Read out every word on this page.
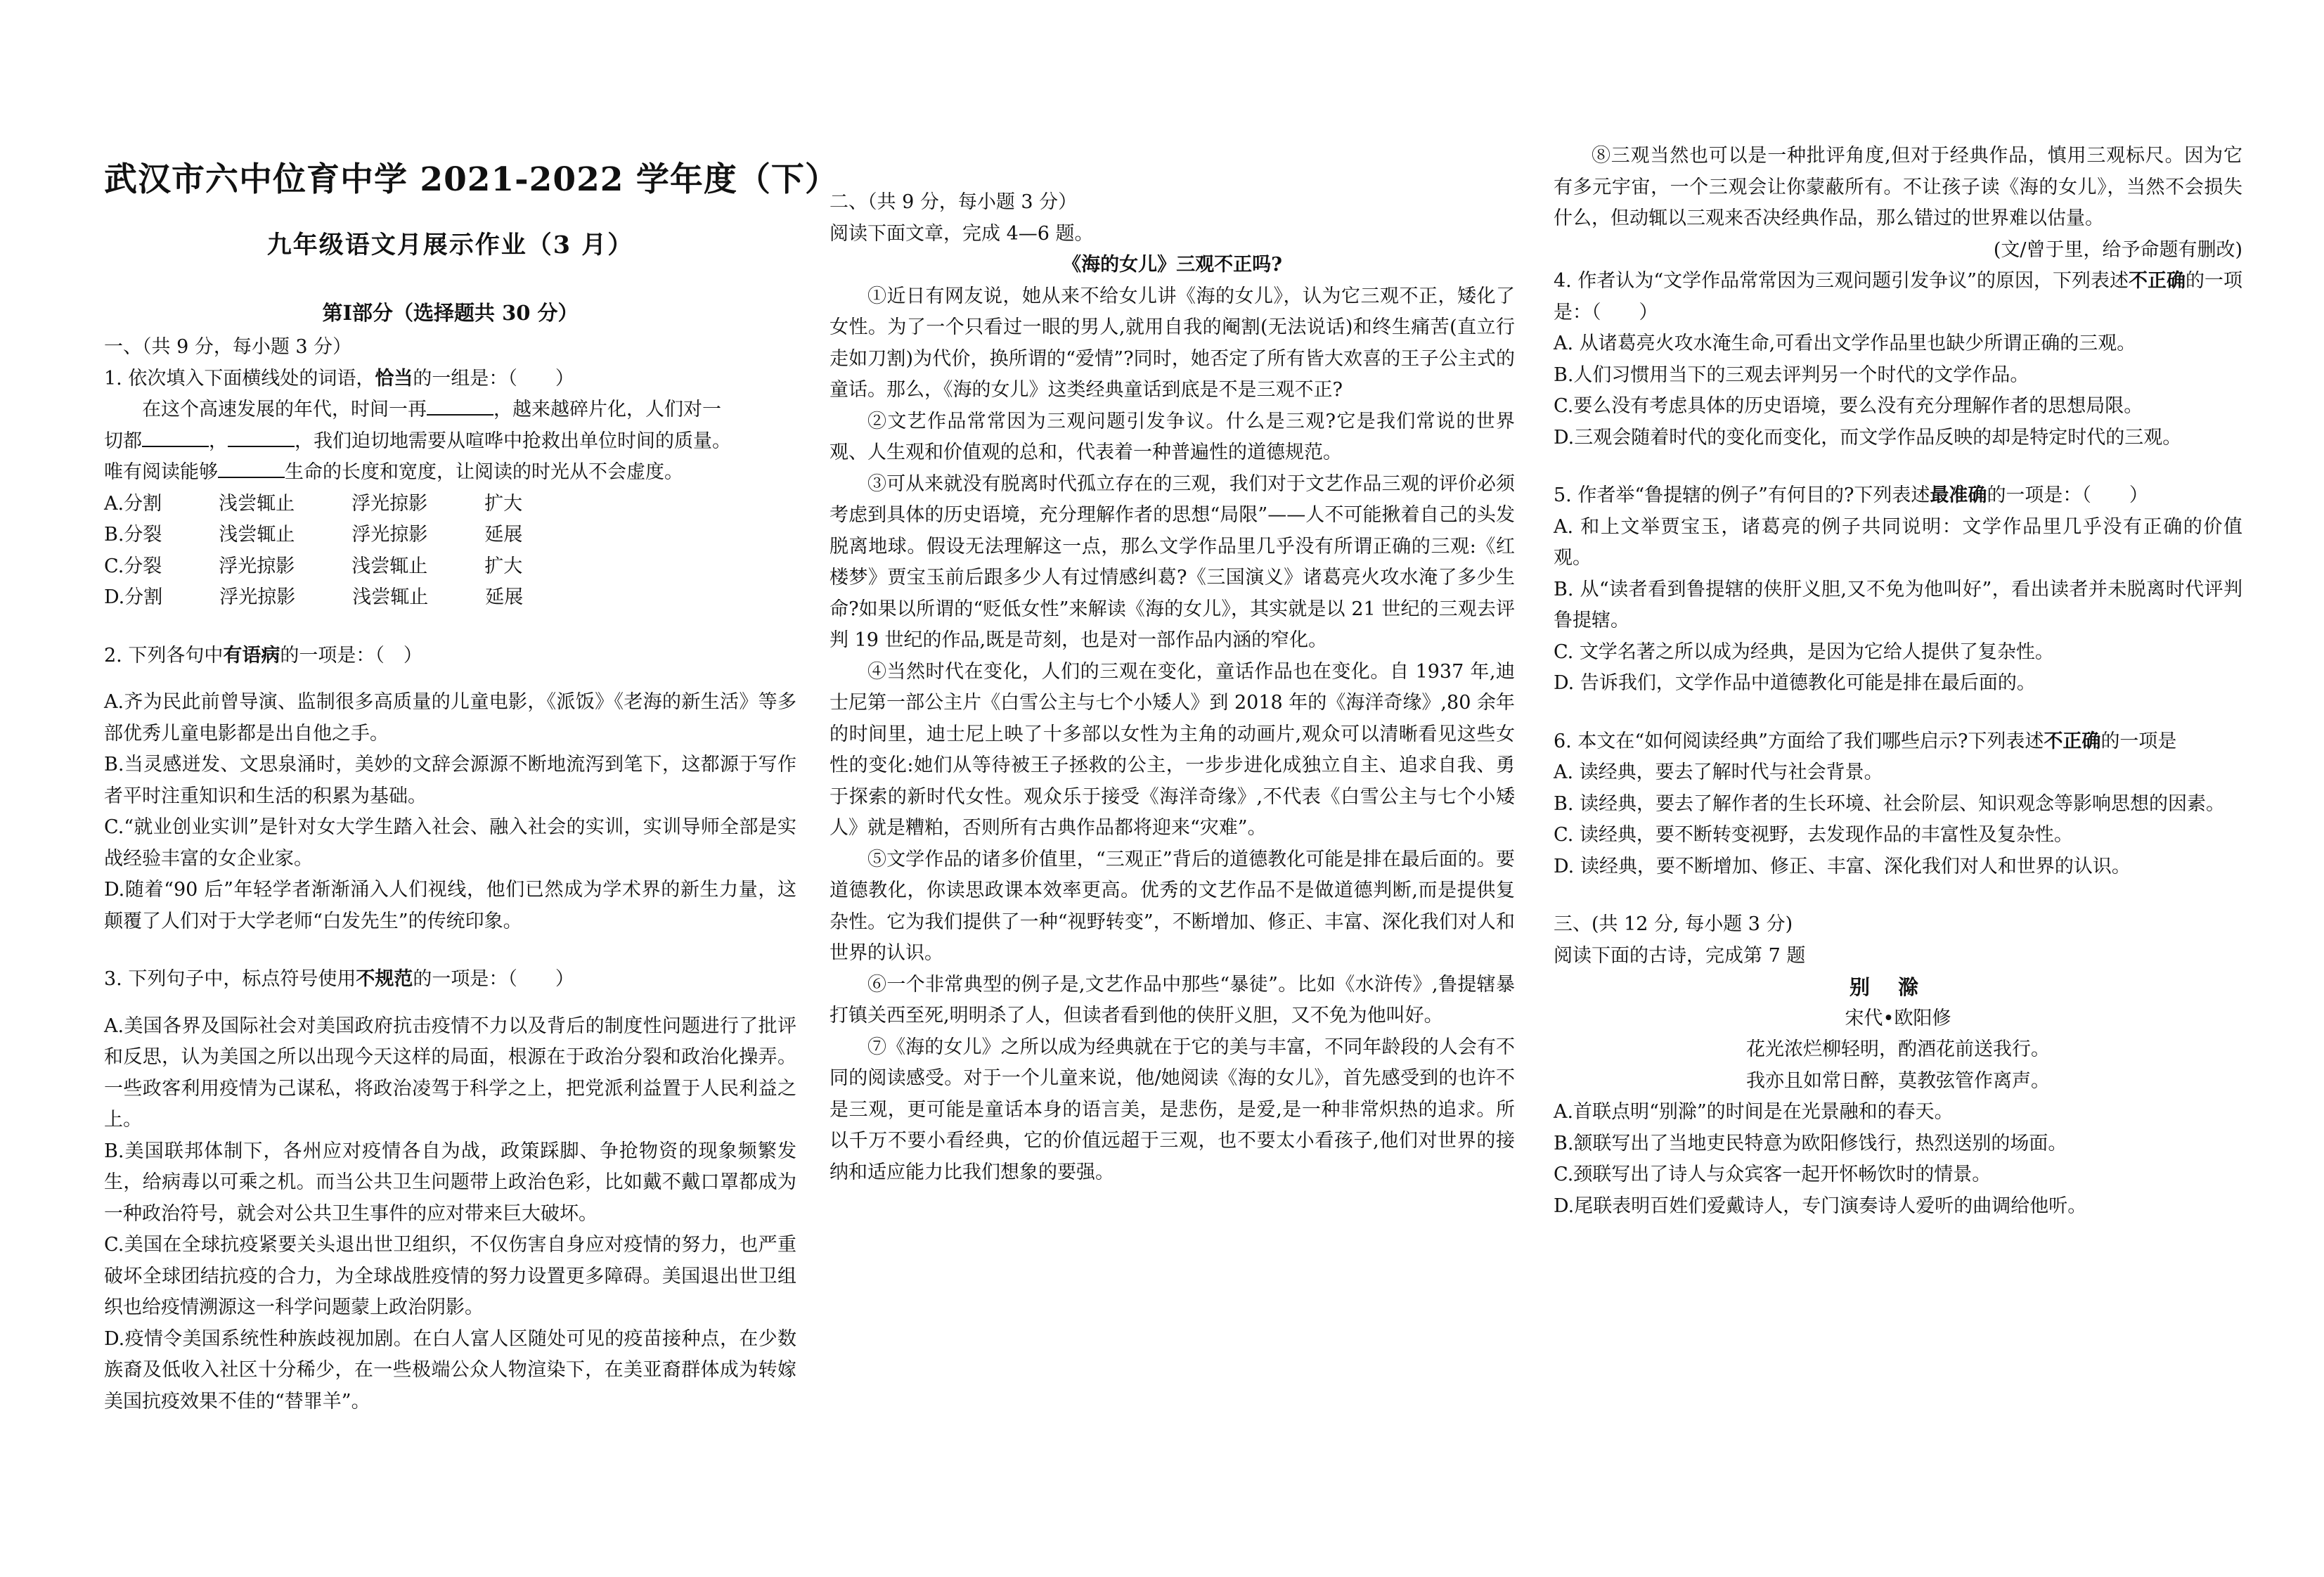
武汉市六中位育中学 2021-2022 学年度（下）
九年级语文月展示作业（3 月）
第Ⅰ部分（选择题共 30 分）

一、（共 9 分，每小题 3 分）

1. 依次填入下面横线处的词语，恰当的一组是：（　　）

在这个高速发展的年代，时间一再	，越来越碎片化，人们对一

切都	，	，我们迫切地需要从喧哗中抢救出单位时间的质量。

唯有阅读能够	生命的长度和宽度，让阅读的时光从不会虚度。

A.分割　　　浅尝辄止　　　浮光掠影　　　扩大

B.分裂　　　浅尝辄止　　　浮光掠影　　　延展

C.分裂　　　浮光掠影　　　浅尝辄止　　　扩大

D.分割　　　浮光掠影　　　浅尝辄止　　　延展

2. 下列各句中有语病的一项是：（　）

A.齐为民此前曾导演、监制很多高质量的儿童电影，《派饭》《老海的新生活》等多部优秀儿童电影都是出自他之手。

B.当灵感迸发、文思泉涌时，美妙的文辞会源源不断地流泻到笔下，这都源于写作者平时注重知识和生活的积累为基础。

C.“就业创业实训”是针对女大学生踏入社会、融入社会的实训，实训导师全部是实战经验丰富的女企业家。

D.随着“90 后”年轻学者渐渐涌入人们视线，他们已然成为学术界的新生力量，这颠覆了人们对于大学老师“白发先生”的传统印象。

3. 下列句子中，标点符号使用不规范的一项是：（　　）

A.美国各界及国际社会对美国政府抗击疫情不力以及背后的制度性问题进行了批评和反思，认为美国之所以出现今天这样的局面，根源在于政治分裂和政治化操弄。一些政客利用疫情为己谋私，将政治凌驾于科学之上，把党派利益置于人民利益之上。

B.美国联邦体制下，各州应对疫情各自为战，政策踩脚、争抢物资的现象频繁发生，给病毒以可乘之机。而当公共卫生问题带上政治色彩，比如戴不戴口罩都成为一种政治符号，就会对公共卫生事件的应对带来巨大破坏。

C.美国在全球抗疫紧要关头退出世卫组织，不仅伤害自身应对疫情的努力，也严重破坏全球团结抗疫的合力，为全球战胜疫情的努力设置更多障碍。美国退出世卫组织也给疫情溯源这一科学问题蒙上政治阴影。

D.疫情令美国系统性种族歧视加剧。在白人富人区随处可见的疫苗接种点，在少数族裔及低收入社区十分稀少，在一些极端公众人物渲染下，在美亚裔群体成为转嫁美国抗疫效果不佳的“替罪羊”。

二、（共 9 分，每小题 3 分）

阅读下面文章，完成 4—6 题。

《海的女儿》三观不正吗?

①近日有网友说，她从来不给女儿讲《海的女儿》，认为它三观不正，矮化了女性。为了一个只看过一眼的男人,就用自我的阉割(无法说话)和终生痛苦(直立行走如刀割)为代价，换所谓的“爱情”?同时，她否定了所有皆大欢喜的王子公主式的童话。那么，《海的女儿》这类经典童话到底是不是三观不正?

②文艺作品常常因为三观问题引发争议。什么是三观?它是我们常说的世界观、人生观和价值观的总和，代表着一种普遍性的道德规范。

③可从来就没有脱离时代孤立存在的三观，我们对于文艺作品三观的评价必须考虑到具体的历史语境，充分理解作者的思想“局限”——人不可能揪着自己的头发脱离地球。假设无法理解这一点，那么文学作品里几乎没有所谓正确的三观:《红楼梦》贾宝玉前后跟多少人有过情感纠葛?《三国演义》诸葛亮火攻水淹了多少生命?如果以所谓的“贬低女性”来解读《海的女儿》，其实就是以 21 世纪的三观去评判 19 世纪的作品,既是苛刻，也是对一部作品内涵的窄化。

④当然时代在变化，人们的三观在变化，童话作品也在变化。自 1937 年,迪士尼第一部公主片《白雪公主与七个小矮人》到 2018 年的《海洋奇缘》,80 余年的时间里，迪士尼上映了十多部以女性为主角的动画片,观众可以清晰看见这些女性的变化:她们从等待被王子拯救的公主，一步步进化成独立自主、追求自我、勇于探索的新时代女性。观众乐于接受《海洋奇缘》,不代表《白雪公主与七个小矮人》就是糟粕，否则所有古典作品都将迎来“灾难”。

⑤文学作品的诸多价值里，“三观正”背后的道德教化可能是排在最后面的。要道德教化，你读思政课本效率更高。优秀的文艺作品不是做道德判断,而是提供复杂性。它为我们提供了一种“视野转变”，不断增加、修正、丰富、深化我们对人和世界的认识。

⑥一个非常典型的例子是,文艺作品中那些“暴徒”。比如《水浒传》,鲁提辖暴打镇关西至死,明明杀了人，但读者看到他的侠肝义胆，又不免为他叫好。

⑦《海的女儿》之所以成为经典就在于它的美与丰富，不同年龄段的人会有不同的阅读感受。对于一个儿童来说，他/她阅读《海的女儿》，首先感受到的也许不是三观，更可能是童话本身的语言美，是悲伤，是爱,是一种非常炽热的追求。所以千万不要小看经典，它的价值远超于三观，也不要太小看孩子,他们对世界的接纳和适应能力比我们想象的要强。

⑧三观当然也可以是一种批评角度,但对于经典作品，慎用三观标尺。因为它有多元宇宙，一个三观会让你蒙蔽所有。不让孩子读《海的女儿》，当然不会损失什么，但动辄以三观来否决经典作品，那么错过的世界难以估量。

(文/曾于里，给予命题有删改)

4. 作者认为“文学作品常常因为三观问题引发争议”的原因，下列表述不正确的一项是：（　　）

A. 从诸葛亮火攻水淹生命,可看出文学作品里也缺少所谓正确的三观。

B.人们习惯用当下的三观去评判另一个时代的文学作品。

C.要么没有考虑具体的历史语境，要么没有充分理解作者的思想局限。

D.三观会随着时代的变化而变化，而文学作品反映的却是特定时代的三观。

5. 作者举“鲁提辖的例子”有何目的?下列表述最准确的一项是：（　　）

A. 和上文举贾宝玉，诸葛亮的例子共同说明：文学作品里几乎没有正确的价值观。

B. 从“读者看到鲁提辖的侠肝义胆,又不免为他叫好”，看出读者并未脱离时代评判鲁提辖。

C. 文学名著之所以成为经典，是因为它给人提供了复杂性。

D. 告诉我们，文学作品中道德教化可能是排在最后面的。

6. 本文在“如何阅读经典”方面给了我们哪些启示?下列表述不正确的一项是

A. 读经典，要去了解时代与社会背景。

B. 读经典，要去了解作者的生长环境、社会阶层、知识观念等影响思想的因素。

C. 读经典，要不断转变视野，去发现作品的丰富性及复杂性。

D. 读经典，要不断增加、修正、丰富、深化我们对人和世界的认识。

三、(共 12 分, 每小题 3 分)

阅读下面的古诗，完成第 7 题

别滁

宋代•欧阳修

花光浓烂柳轻明，酌酒花前送我行。

我亦且如常日醉，莫教弦管作离声。

A.首联点明“别滁”的时间是在光景融和的春天。

B.颔联写出了当地吏民特意为欧阳修饯行，热烈送别的场面。

C.颈联写出了诗人与众宾客一起开怀畅饮时的情景。

D.尾联表明百姓们爱戴诗人，专门演奏诗人爱听的曲调给他听。
